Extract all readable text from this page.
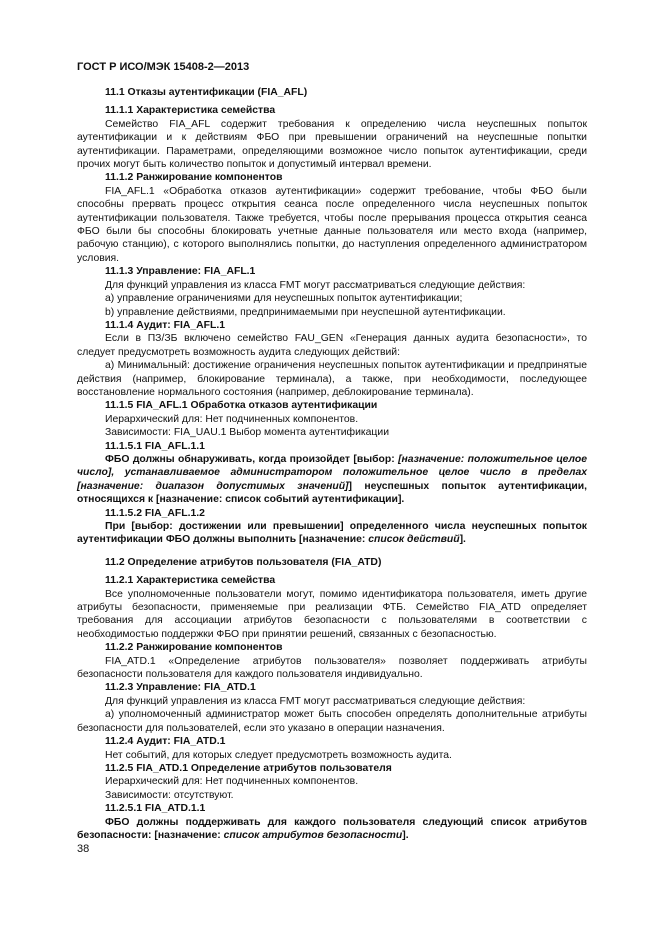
ГОСТ Р ИСО/МЭК 15408-2—2013
11.1 Отказы аутентификации (FIA_AFL)
11.1.1 Характеристика семейства
Семейство FIA_AFL содержит требования к определению числа неуспешных попыток аутентификации и к действиям ФБО при превышении ограничений на неуспешные попытки аутентификации. Параметрами, определяющими возможное число попыток аутентификации, среди прочих могут быть количество попыток и допустимый интервал времени.
11.1.2 Ранжирование компонентов
FIA_AFL.1 «Обработка отказов аутентификации» содержит требование, чтобы ФБО были способны прервать процесс открытия сеанса после определенного числа неуспешных попыток аутентификации пользователя. Также требуется, чтобы после прерывания процесса открытия сеанса ФБО были бы способны блокировать учетные данные пользователя или место входа (например, рабочую станцию), с которого выполнялись попытки, до наступления определенного администратором условия.
11.1.3 Управление: FIA_AFL.1
Для функций управления из класса FMT могут рассматриваться следующие действия:
a) управление ограничениями для неуспешных попыток аутентификации;
b) управление действиями, предпринимаемыми при неуспешной аутентификации.
11.1.4 Аудит: FIA_AFL.1
Если в ПЗ/ЗБ включено семейство FAU_GEN «Генерация данных аудита безопасности», то следует предусмотреть возможность аудита следующих действий:
a) Минимальный: достижение ограничения неуспешных попыток аутентификации и предпринятые действия (например, блокирование терминала), а также, при необходимости, последующее восстановление нормального состояния (например, деблокирование терминала).
11.1.5 FIA_AFL.1 Обработка отказов аутентификации
Иерархический для: Нет подчиненных компонентов.
Зависимости: FIA_UAU.1 Выбор момента аутентификации
11.1.5.1 FIA_AFL.1.1
ФБО должны обнаруживать, когда произойдет [выбор: [назначение: положительное целое число], устанавливаемое администратором положительное целое число в пределах [назначение: диапазон допустимых значений]] неуспешных попыток аутентификации, относящихся к [назначение: список событий аутентификации].
11.1.5.2 FIA_AFL.1.2
При [выбор: достижении или превышении] определенного числа неуспешных попыток аутентификации ФБО должны выполнить [назначение: список действий].
11.2 Определение атрибутов пользователя (FIA_ATD)
11.2.1 Характеристика семейства
Все уполномоченные пользователи могут, помимо идентификатора пользователя, иметь другие атрибуты безопасности, применяемые при реализации ФТБ. Семейство FIA_ATD определяет требования для ассоциации атрибутов безопасности с пользователями в соответствии с необходимостью поддержки ФБО при принятии решений, связанных с безопасностью.
11.2.2 Ранжирование компонентов
FIA_ATD.1 «Определение атрибутов пользователя» позволяет поддерживать атрибуты безопасности пользователя для каждого пользователя индивидуально.
11.2.3 Управление: FIA_ATD.1
Для функций управления из класса FMT могут рассматриваться следующие действия:
a) уполномоченный администратор может быть способен определять дополнительные атрибуты безопасности для пользователей, если это указано в операции назначения.
11.2.4 Аудит: FIA_ATD.1
Нет событий, для которых следует предусмотреть возможность аудита.
11.2.5 FIA_ATD.1 Определение атрибутов пользователя
Иерархический для: Нет подчиненных компонентов.
Зависимости: отсутствуют.
11.2.5.1 FIA_ATD.1.1
ФБО должны поддерживать для каждого пользователя следующий список атрибутов безопасности: [назначение: список атрибутов безопасности].
38
